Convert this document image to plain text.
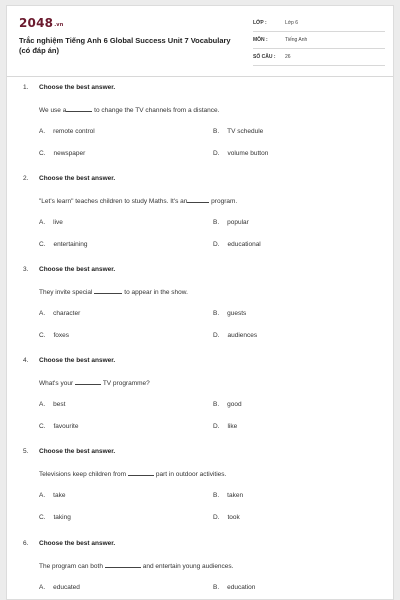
2048.vn
Trắc nghiệm Tiếng Anh 6 Global Success Unit 7 Vocabulary (có đáp án)
LỚP :	Lớp 6
MÔN :	Tiếng Anh
SỐ CÂU : 26
1. Choose the best answer.
We use a	to change the TV channels from a distance.
A. remote control	B. TV schedule
C. newspaper	D. volume button
2. Choose the best answer.
"Let's learn" teaches children to study Maths. It's an	program.
A. live	B. popular
C. entertaining	D. educational
3. Choose the best answer.
They invite special	to appear in the show.
A. character	B. guests
C. foxes	D. audiences
4. Choose the best answer.
What's your	TV programme?
A. best	B. good
C. favourite	D. like
5. Choose the best answer.
Televisions keep children from	part in outdoor activities.
A. take	B. taken
C. taking	D. took
6. Choose the best answer.
The program can both	and entertain young audiences.
A. educated	B. education
